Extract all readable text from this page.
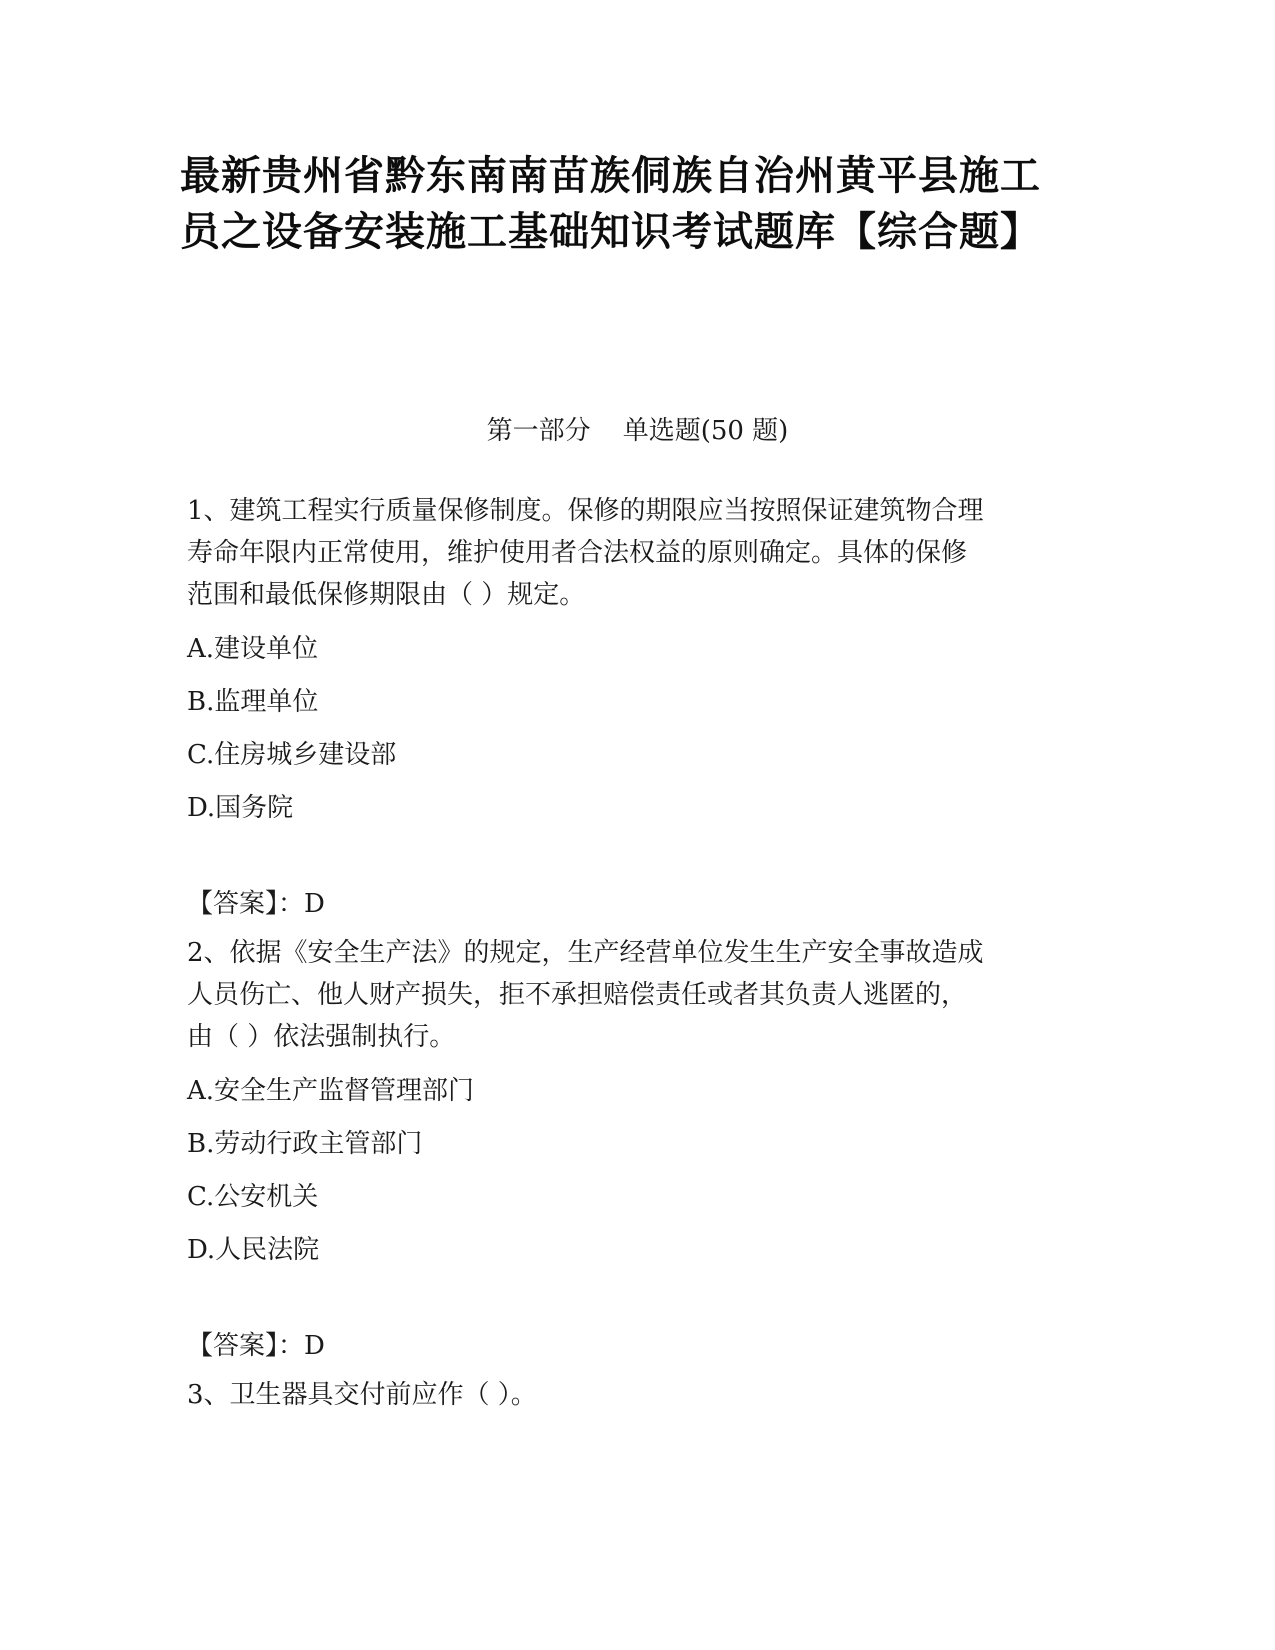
最新贵州省黔东南南苗族侗族自治州黄平县施工
员之设备安装施工基础知识考试题库【综合题】
第一部分 单选题(50 题)
1、建筑工程实行质量保修制度。保修的期限应当按照保证建筑物合理
寿命年限内正常使用，维护使用者合法权益的原则确定。具体的保修
范围和最低保修期限由（ ）规定。
A.建设单位
B.监理单位
C.住房城乡建设部
D.国务院
【答案】：D
2、依据《安全生产法》的规定，生产经营单位发生生产安全事故造成
人员伤亡、他人财产损失，拒不承担赔偿责任或者其负责人逃匿的，
由（ ）依法强制执行。
A.安全生产监督管理部门
B.劳动行政主管部门
C.公安机关
D.人民法院
【答案】：D
3、卫生器具交付前应作（ ）。
